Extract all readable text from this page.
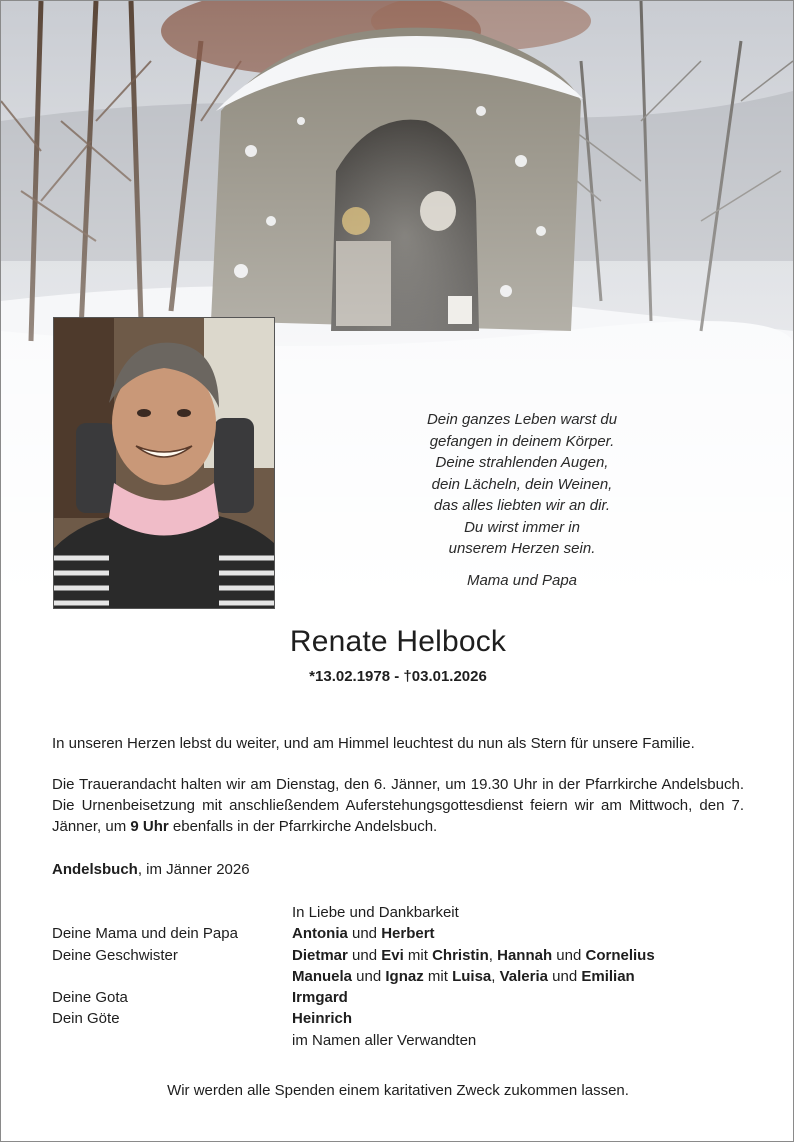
Dein ganzes Leben warst du
gefangen in deinem Körper.
Deine strahlenden Augen,
dein Lächeln, dein Weinen,
das alles liebten wir an dir.
Du wirst immer in
unserem Herzen sein.
Mama und Papa
Renate Helbock
*13.02.1978 - †03.01.2026
In unseren Herzen lebst du weiter, und am Himmel leuchtest du nun als Stern für unsere Familie.
Die Trauerandacht halten wir am Dienstag, den 6. Jänner, um 19.30 Uhr in der Pfarrkirche Andelsbuch. Die Urnenbeisetzung mit anschließendem Auferstehungsgottesdienst feiern wir am Mittwoch, den 7. Jänner, um 9 Uhr ebenfalls in der Pfarrkirche Andelsbuch.
Andelsbuch, im Jänner 2026
In Liebe und Dankbarkeit
Deine Mama und dein Papa	Antonia und Herbert
Deine Geschwister	Dietmar und Evi mit Christin, Hannah und Cornelius
Manuela und Ignaz mit Luisa, Valeria und Emilian
Deine Gota	Irmgard
Dein Göte	Heinrich
im Namen aller Verwandten
Wir werden alle Spenden einem karitativen Zweck zukommen lassen.
